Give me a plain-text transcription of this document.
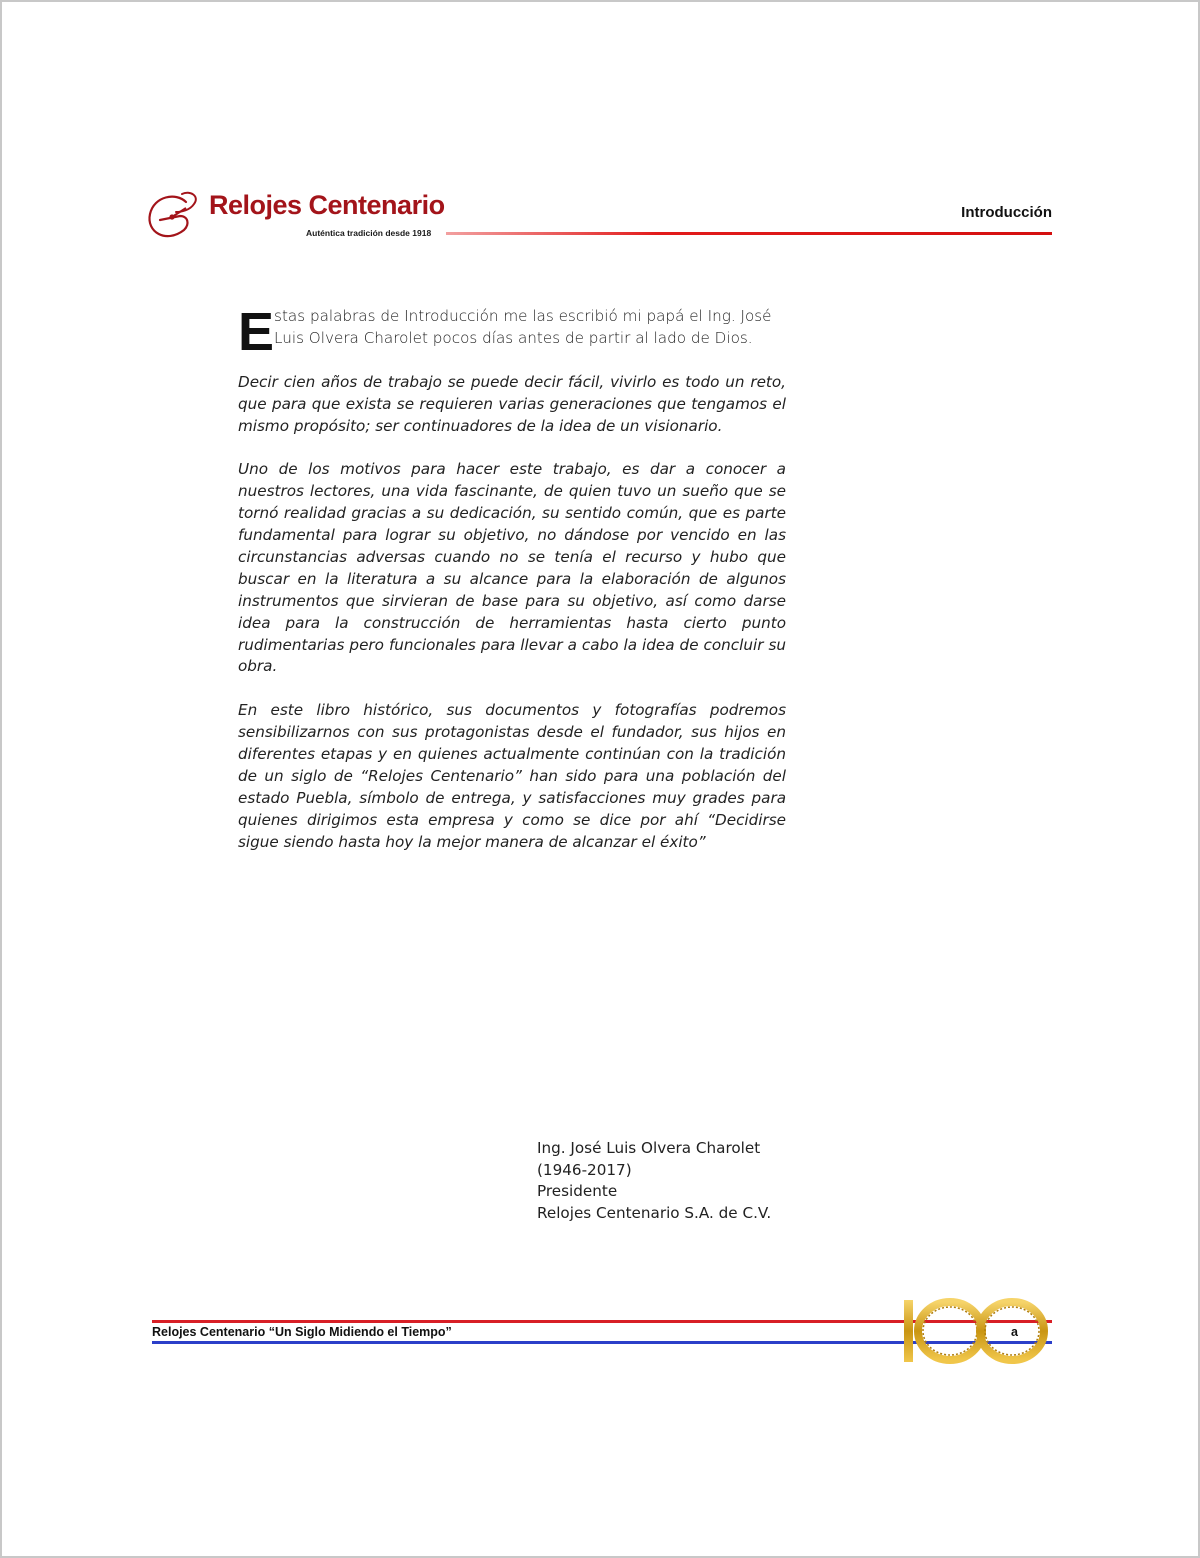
Relojes Centenario
Auténtica tradición desde 1918
Introducción

Estas palabras de Introducción me las escribió mi papá el Ing. José Luis Olvera Charolet pocos días antes de partir al lado de Dios.

Decir cien años de trabajo se puede decir fácil, vivirlo es todo un reto, que para que exista se requieren varias generaciones que tengamos el mismo propósito; ser continuadores de la idea de un visionario.

Uno de los motivos para hacer este trabajo, es dar a conocer a nuestros lectores, una vida fascinante, de quien tuvo un sueño que se tornó realidad gracias a su dedicación, su sentido común, que es parte fundamental para lograr su objetivo, no dándose por vencido en las circunstancias adversas cuando no se tenía el recurso y hubo que buscar en la literatura a su alcance para la elaboración de algunos instrumentos que sirvieran de base para su objetivo, así como darse idea para la construcción de herramientas hasta cierto punto rudimentarias pero funcionales para llevar a cabo la idea de concluir su obra.

En este libro histórico, sus documentos y fotografías podremos sensibilizarnos con sus protagonistas desde el fundador, sus hijos en diferentes etapas y en quienes actualmente continúan con la tradición de un siglo de “Relojes Centenario” han sido para una población del estado Puebla, símbolo de entrega, y satisfacciones muy grades para quienes dirigimos esta empresa y como se dice por ahí “Decidirse sigue siendo hasta hoy la mejor manera de alcanzar el éxito”

Ing. José Luis Olvera Charolet
(1946-2017)
Presidente
Relojes Centenario S.A. de C.V.
Relojes Centenario “Un Siglo Midiendo el Tiempo”	a
